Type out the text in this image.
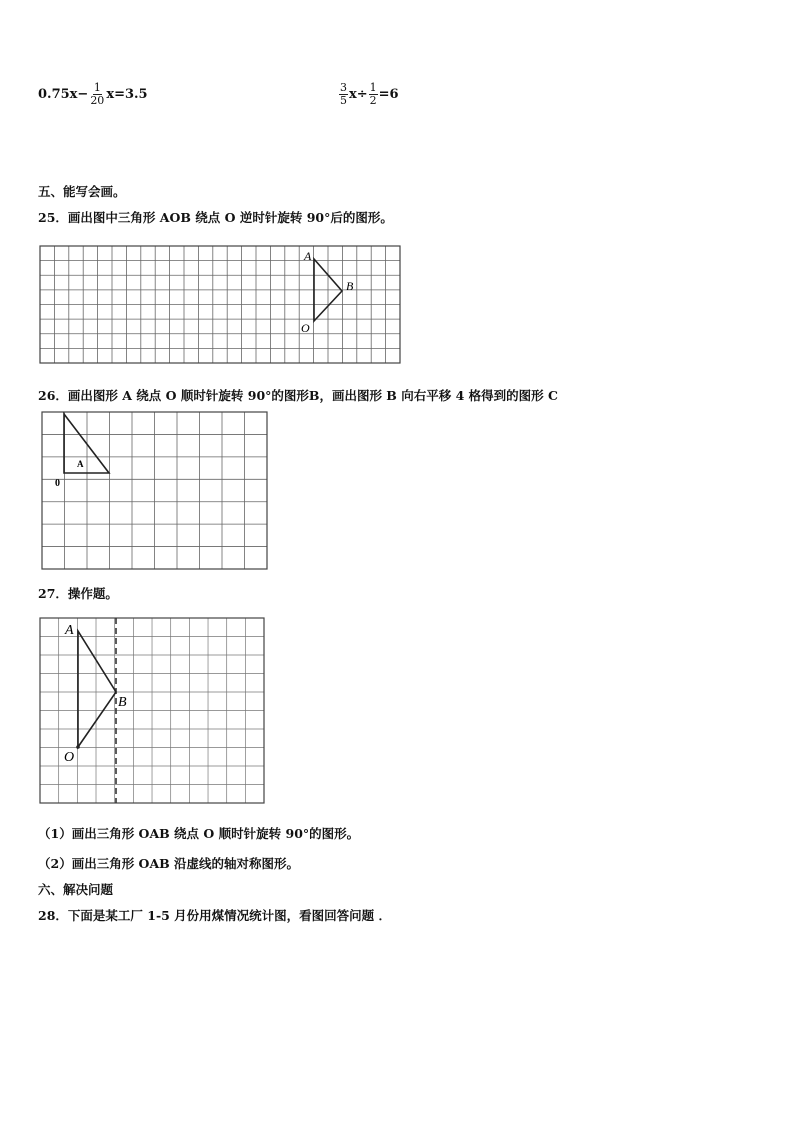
$0.75x- \frac{1}{20} x=3.5$	$\frac{3}{5} x\div \frac{1}{2} =6$
五、能写会画。
25．画出图中三角形 AOB 绕点 O 逆时针旋转 90°后的图形。
A
B
O
26．画出图形 A 绕点 O 顺时针旋转 90°的图形B，画出图形 B 向右平移 4 格得到的图形 C
A
0
27．操作题。
A
B
O
（1）画出三角形 OAB 绕点 O 顺时针旋转 90°的图形。
（2）画出三角形 OAB 沿虚线的轴对称图形。
六、解决问题
28．下面是某工厂 1-5 月份用煤情况统计图，看图回答问题 ．
